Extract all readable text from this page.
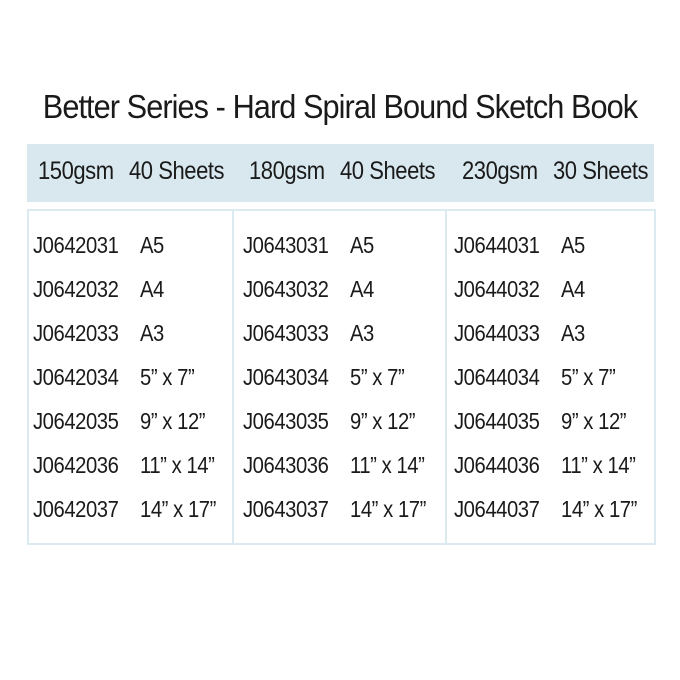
Better Series - Hard Spiral Bound Sketch Book
150gsm 40 Sheets 180gsm 40 Sheets 230gsm 30 Sheets
J0642031 A5
J0642032 A4
J0642033 A3
J0642034 5” x 7”
J0642035 9” x 12”
J0642036 11” x 14”
J0642037 14” x 17”
J0643031 A5
J0643032 A4
J0643033 A3
J0643034 5” x 7”
J0643035 9” x 12”
J0643036 11” x 14”
J0643037 14” x 17”
J0644031 A5
J0644032 A4
J0644033 A3
J0644034 5” x 7”
J0644035 9” x 12”
J0644036 11” x 14”
J0644037 14” x 17”
